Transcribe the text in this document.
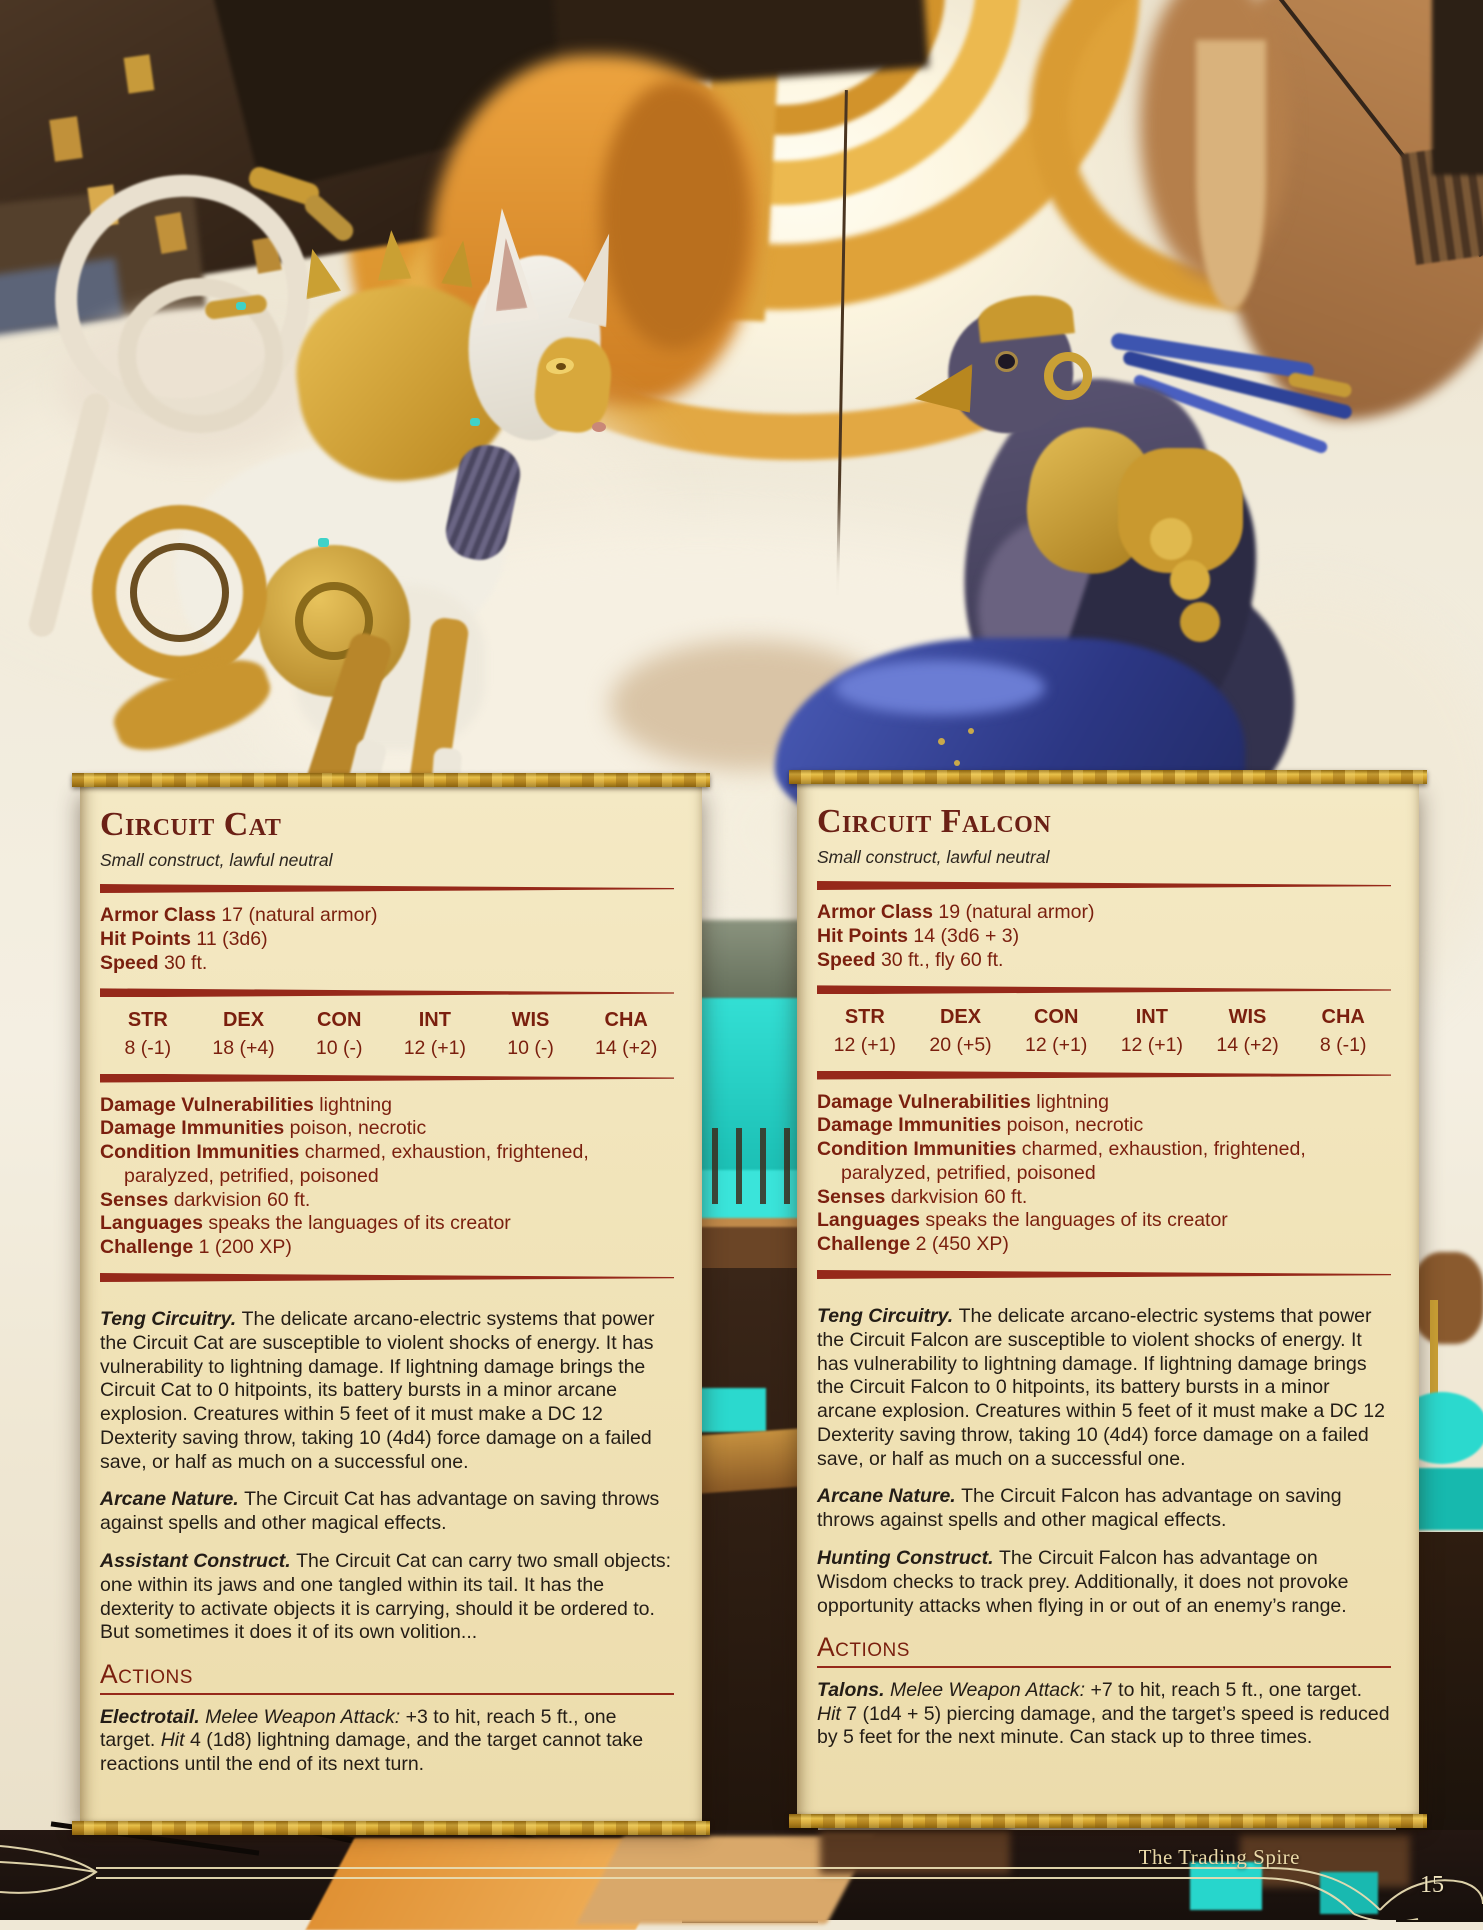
The Trading Spire
15
Circuit Cat
Small construct, lawful neutral
Armor Class 17 (natural armor)
Hit Points 11 (3d6)
Speed 30 ft.
STR
8 (-1)
DEX
18 (+4)
CON
10 (-)
INT
12 (+1)
WIS
10 (-)
CHA
14 (+2)
Damage Vulnerabilities lightning
Damage Immunities poison, necrotic
Condition Immunities charmed, exhaustion, frightened, paralyzed, petrified, poisoned
Senses darkvision 60 ft.
Languages speaks the languages of its creator
Challenge 1 (200 XP)

Teng Circuitry. The delicate arcano-electric systems that power the Circuit Cat are susceptible to violent shocks of energy. It has vulnerability to lightning damage. If lightning damage brings the Circuit Cat to 0 hitpoints, its battery bursts in a minor arcane explosion. Creatures within 5 feet of it must make a DC 12 Dexterity saving throw, taking 10 (4d4) force damage on a failed save, or half as much on a successful one.

Arcane Nature. The Circuit Cat has advantage on saving throws against spells and other magical effects.

Assistant Construct. The Circuit Cat can carry two small objects: one within its jaws and one tangled within its tail. It has the dexterity to activate objects it is carrying, should it be ordered to. But sometimes it does it of its own volition...

Actions

Electrotail. Melee Weapon Attack: +3 to hit, reach 5 ft., one target. Hit 4 (1d8) lightning damage, and the target cannot take reactions until the end of its next turn.

Circuit Falcon
Small construct, lawful neutral
Armor Class 19 (natural armor)
Hit Points 14 (3d6 + 3)
Speed 30 ft., fly 60 ft.
STR
12 (+1)
DEX
20 (+5)
CON
12 (+1)
INT
12 (+1)
WIS
14 (+2)
CHA
8 (-1)
Damage Vulnerabilities lightning
Damage Immunities poison, necrotic
Condition Immunities charmed, exhaustion, frightened, paralyzed, petrified, poisoned
Senses darkvision 60 ft.
Languages speaks the languages of its creator
Challenge 2 (450 XP)

Teng Circuitry. The delicate arcano-electric systems that power the Circuit Falcon are susceptible to violent shocks of energy. It has vulnerability to lightning damage. If lightning damage brings the Circuit Falcon to 0 hitpoints, its battery bursts in a minor arcane explosion. Creatures within 5 feet of it must make a DC 12 Dexterity saving throw, taking 10 (4d4) force damage on a failed save, or half as much on a successful one.

Arcane Nature. The Circuit Falcon has advantage on saving throws against spells and other magical effects.

Hunting Construct. The Circuit Falcon has advantage on Wisdom checks to track prey. Additionally, it does not provoke opportunity attacks when flying in or out of an enemy’s range.

Actions

Talons. Melee Weapon Attack: +7 to hit, reach 5 ft., one target. Hit 7 (1d4 + 5) piercing damage, and the target’s speed is reduced by 5 feet for the next minute. Can stack up to three times.
